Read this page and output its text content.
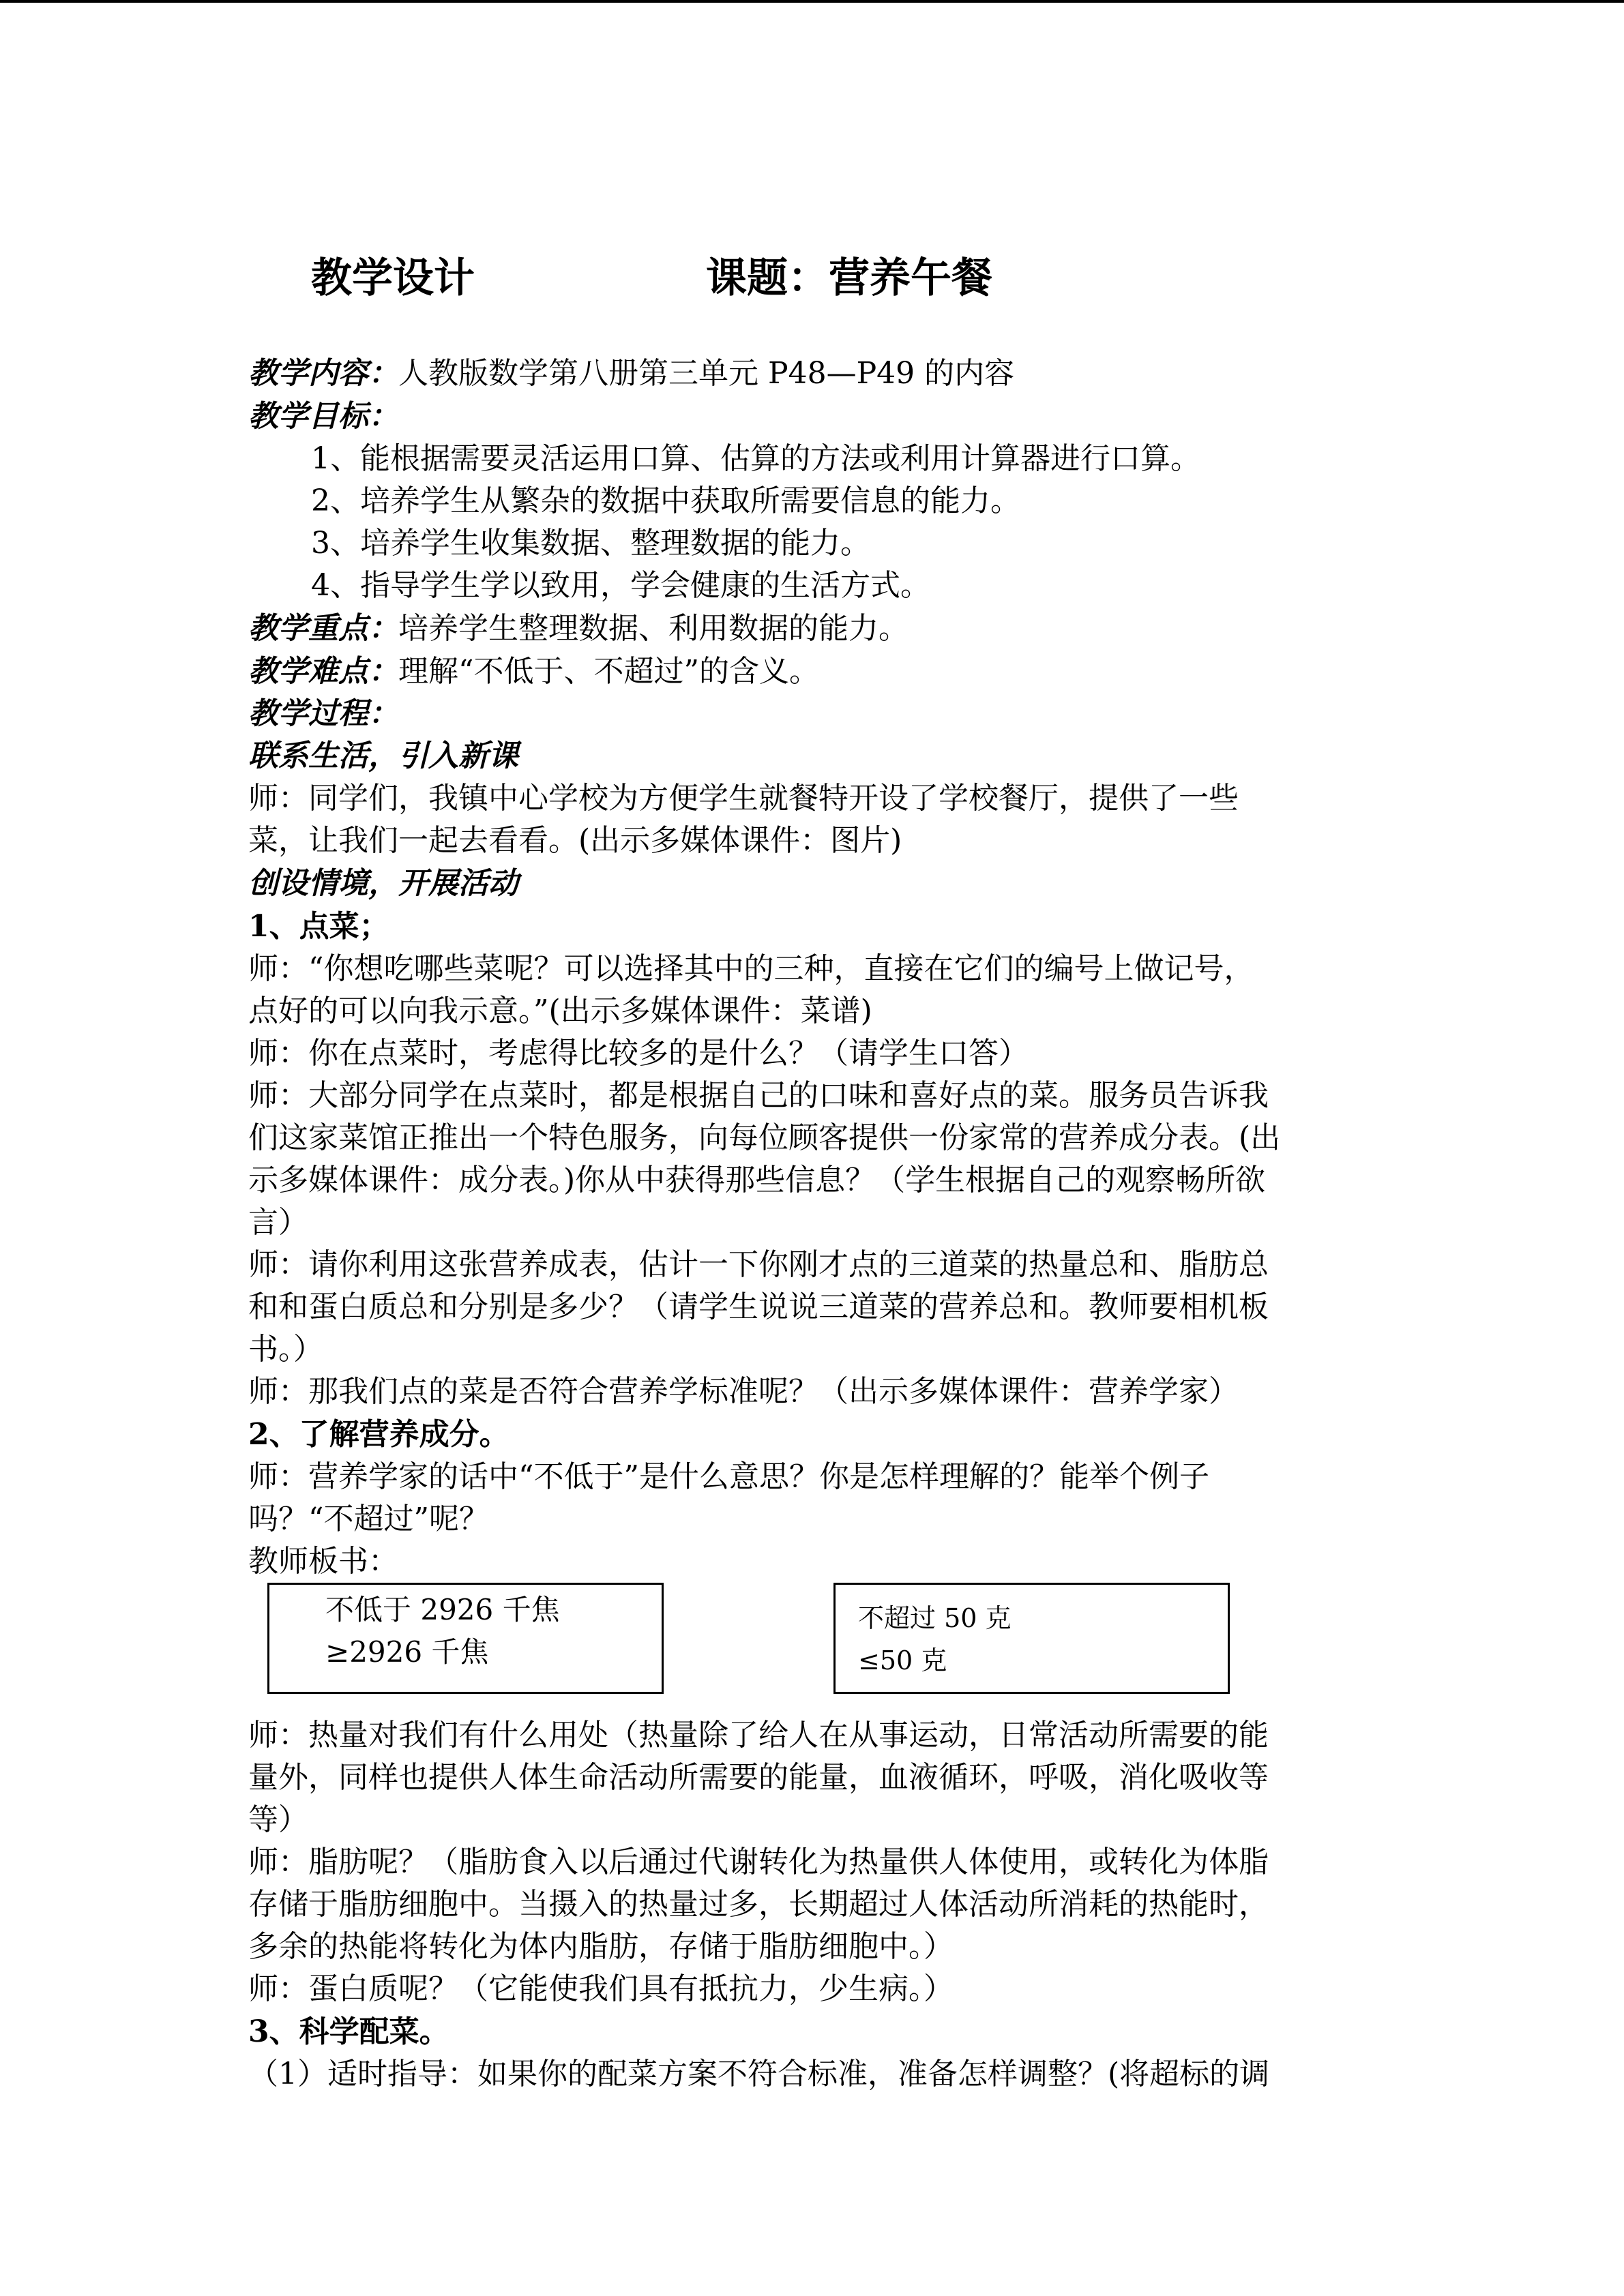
教学设计	课题：营养午餐

教学内容：人教版数学第八册第三单元 P48—P49 的内容

教学目标：

1、能根据需要灵活运用口算、估算的方法或利用计算器进行口算。

2、培养学生从繁杂的数据中获取所需要信息的能力。

3、培养学生收集数据、整理数据的能力。

4、指导学生学以致用，学会健康的生活方式。

教学重点：培养学生整理数据、利用数据的能力。

教学难点：理解“不低于、不超过”的含义。

教学过程：

联系生活，引入新课

师：同学们，我镇中心学校为方便学生就餐特开设了学校餐厅，提供了一些

菜，让我们一起去看看。(出示多媒体课件：图片)

创设情境，开展活动

1、点菜；

师：“你想吃哪些菜呢？可以选择其中的三种，直接在它们的编号上做记号，

点好的可以向我示意。”(出示多媒体课件：菜谱)

师：你在点菜时，考虑得比较多的是什么？（请学生口答）

师：大部分同学在点菜时，都是根据自己的口味和喜好点的菜。服务员告诉我

们这家菜馆正推出一个特色服务，向每位顾客提供一份家常的营养成分表。(出

示多媒体课件：成分表。)你从中获得那些信息？（学生根据自己的观察畅所欲

言）

师：请你利用这张营养成表，估计一下你刚才点的三道菜的热量总和、脂肪总

和和蛋白质总和分别是多少？（请学生说说三道菜的营养总和。教师要相机板

书。）

师：那我们点的菜是否符合营养学标准呢？（出示多媒体课件：营养学家）

2、了解营养成分。

师：营养学家的话中“不低于”是什么意思？你是怎样理解的？能举个例子

吗？“不超过”呢？

教师板书：

不低于 2926 千焦
≥2926 千焦
不超过 50 克
≤50 克

师：热量对我们有什么用处（热量除了给人在从事运动，日常活动所需要的能

量外，同样也提供人体生命活动所需要的能量，血液循环，呼吸，消化吸收等

等）

师：脂肪呢？（脂肪食入以后通过代谢转化为热量供人体使用，或转化为体脂

存储于脂肪细胞中。当摄入的热量过多，长期超过人体活动所消耗的热能时，

多余的热能将转化为体内脂肪，存储于脂肪细胞中。）

师：蛋白质呢？（它能使我们具有抵抗力，少生病。）

3、科学配菜。

（1）适时指导：如果你的配菜方案不符合标准，准备怎样调整？(将超标的调
